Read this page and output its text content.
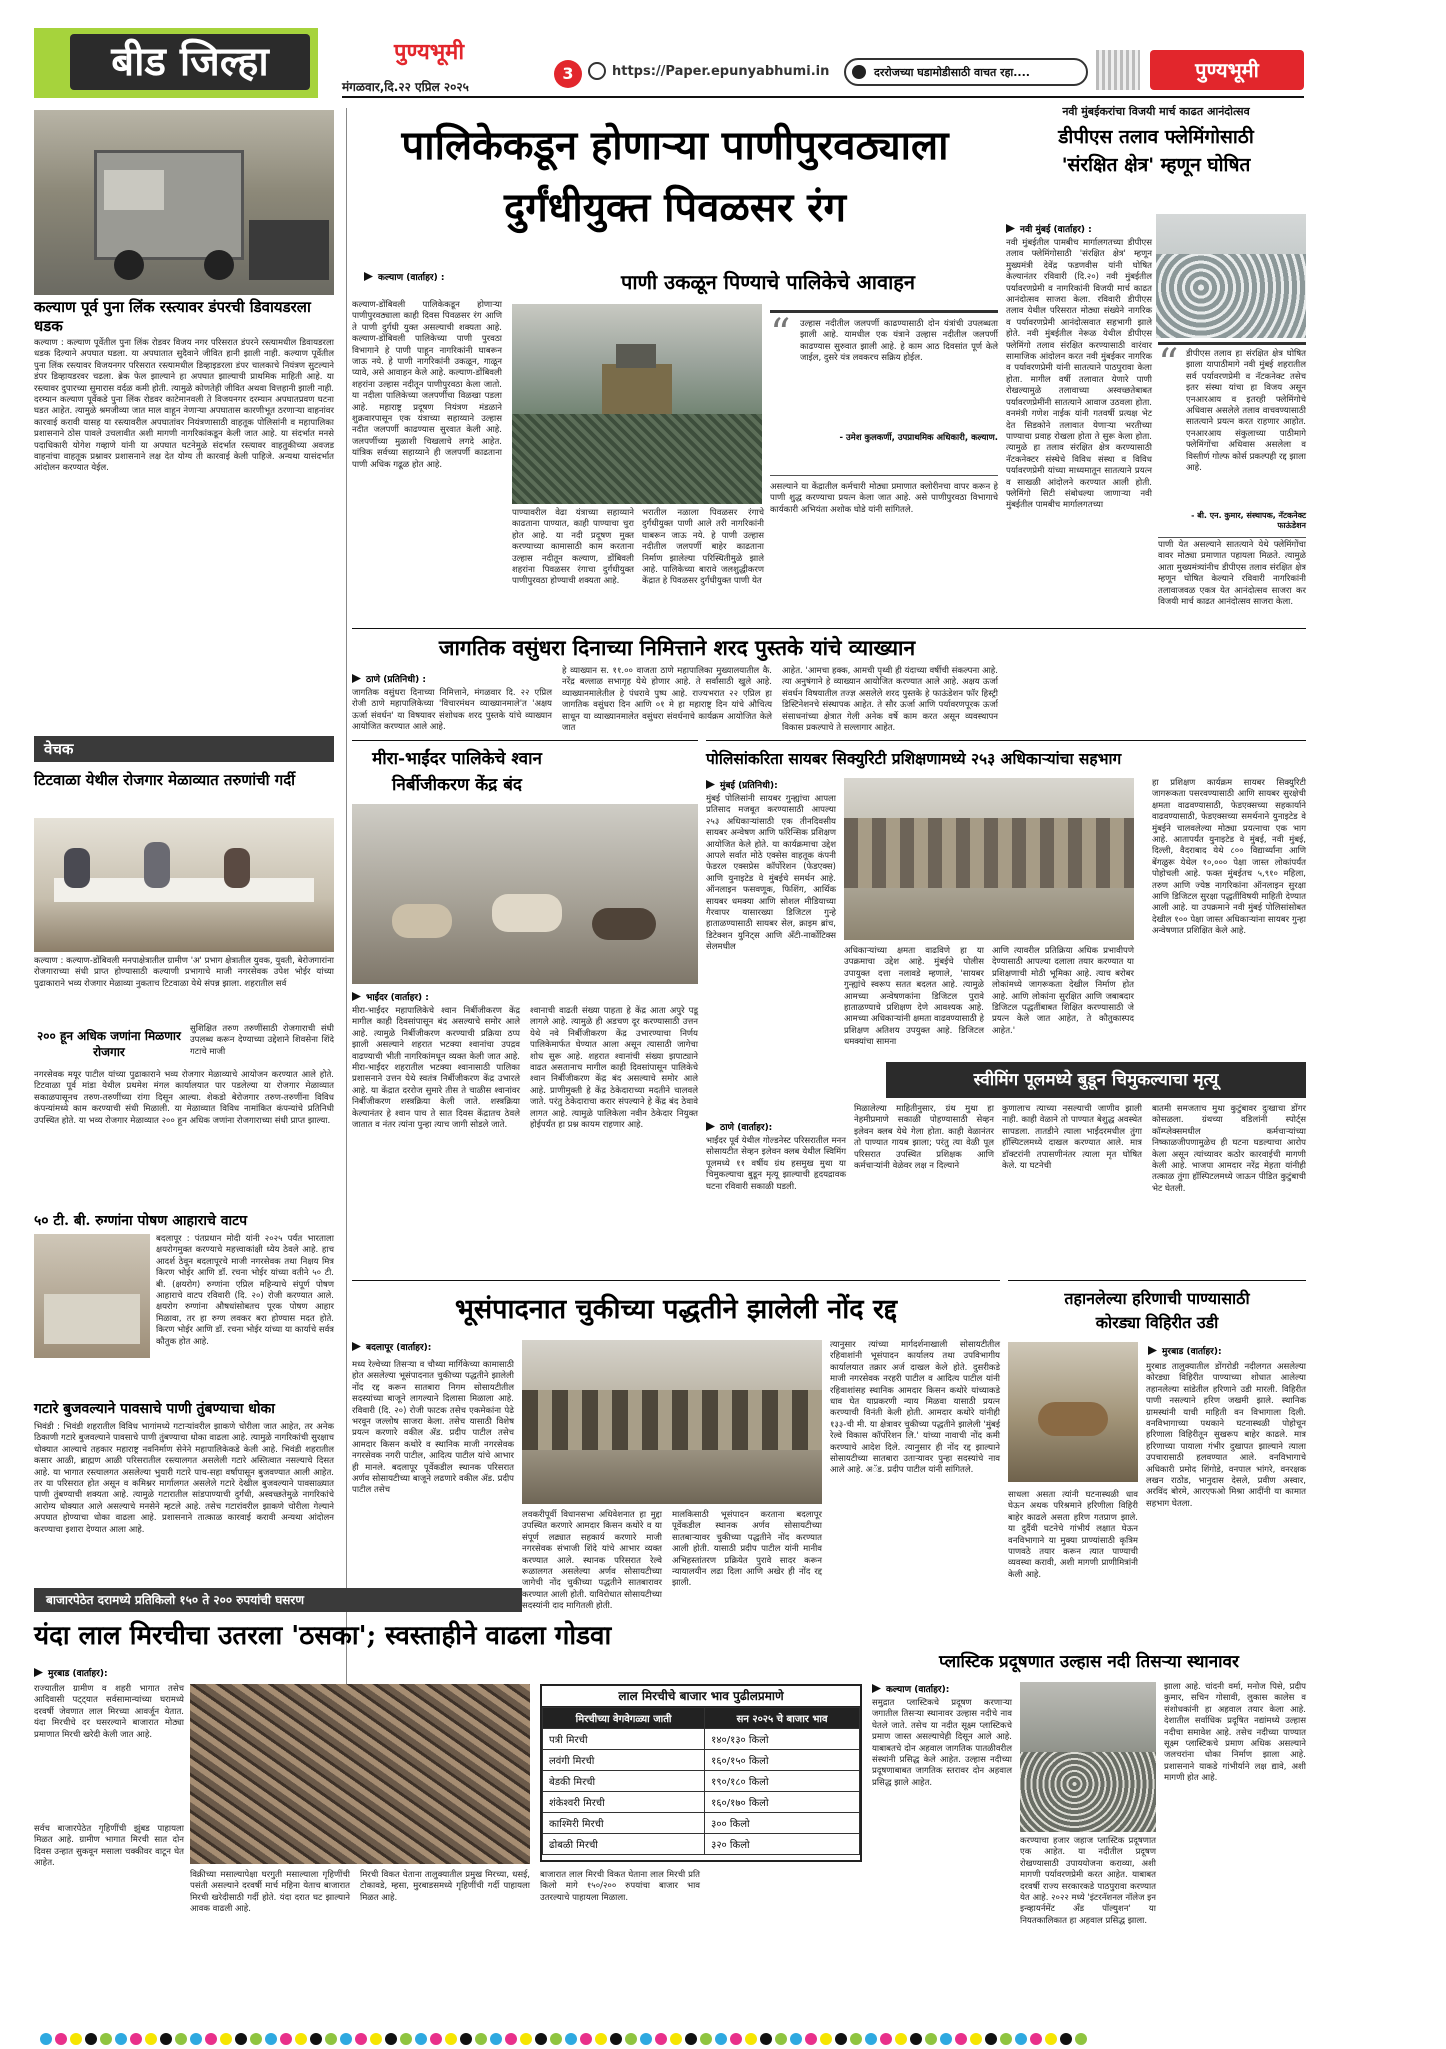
बीड जिल्हा	पुण्यभूमी
मंगळवार,दि.२२ एप्रिल २०२५
3	https://Paper.epunyabhumi.in	दररोजच्या घडामोडीसाठी वाचत रहा....	पुण्यभूमी
कल्याण पूर्व पुना लिंक रस्त्यावर डंपरची डिवायडरला धडक
कल्याण : कल्याण पूर्वेतील पुना लिंक रोडवर विजय नगर परिसरात डंपरने रस्त्यामधील डिवायडरला धडक दिल्याने अपघात घडला. या अपघातात सुदैवाने जीवित हानी झाली नाही. कल्याण पूर्वेतील पुना लिंक रस्त्यावर विजयनगर परिसरात रस्त्यामधील डिव्हाइडरला डंपर चालकाचे नियंत्रण सुटल्याने डंपर डिव्हायडरवर चढला. ब्रेक फेल झाल्याने हा अपघात झाल्याची प्राथमिक माहिती आहे. या रस्त्यावर दुपारच्या सुमारास वर्दळ कमी होती. त्यामुळे कोणतेही जीवित अथवा वित्तहानी झाली नाही. दरम्यान कल्याण पूर्वेकडे पुना लिंक रोडवर काटेमानवली ते विजयनगर दरम्यान अपघातप्रवण घटना घडत आहेत. त्यामुळे श्रमजीव्या जात माल वाहून नेणाऱ्या अपघातास कारणीभूत ठरणाऱ्या वाहनांवर कारवाई करावी यासह या रस्त्यावरील अपघातांवर नियंत्रणासाठी वाहतूक पोलिसांनी व महापालिका प्रशासनाने ठोस पावले उचलावीत अशी मागणी नागरिकांकडून केली जात आहे. या संदर्भात मनसे पदाधिकारी योगेश गव्हाणे यांनी या अपघात घटनेमुळे संदर्भात रस्त्यावर वाहतुकीच्या अवजड वाहनांचा वाहतूक प्रश्नावर प्रशासनाने लक्ष देत योग्य ती कारवाई केली पाहिजे. अन्यथा यासंदर्भात आंदोलन करण्यात येईल.
वेचक
टिटवाळा येथील रोजगार मेळाव्यात तरुणांची गर्दी
कल्याण : कल्याण-डोंबिवली मनपाक्षेत्रातील ग्रामीण 'अ' प्रभाग क्षेत्रातील युवक, युवती, बेरोजगारांना रोजगाराच्या संधी प्राप्त होण्यासाठी कल्याणी प्रभागाचे माजी नगरसेवक उपेश भोईर यांच्या पुढाकाराने भव्य रोजगार मेळाव्या नुकताच टिटवाळा येथे संपन्न झाला. शहरातील सर्व
२०० हून अधिक जणांना मिळणार रोजगार
सुशिक्षित तरुण तरुणींसाठी रोजगाराची संधी उपलब्ध करून देण्याच्या उद्देशाने शिवसेना शिंदे गटाचे माजी
नगरसेवक मयूर पाटील यांच्या पुढाकाराने भव्य रोजगार मेळाव्याचे आयोजन करण्यात आले होते. टिटवाळा पूर्व मांडा येथील प्रथमेश मंगल कार्यालयात पार पडलेल्या या रोजगार मेळाव्यात सकाळपासूनच तरुण-तरुणींच्या रांगा दिसून आल्या. शेकडो बेरोजगार तरुण-तरुणींना विविध कंपन्यांमध्ये काम करण्याची संधी मिळाली. या मेळाव्यात विविध नामांकित कंपन्यांचे प्रतिनिधी उपस्थित होते. या भव्य रोजगार मेळाव्यात २०० हून अधिक जणांना रोजगाराच्या संधी प्राप्त झाल्या.
५० टी. बी. रुग्णांना पोषण आहाराचे वाटप
बदलापूर : पंतप्रधान मोदी यांनी २०२५ पर्यंत भारताला क्षयरोगमुक्त करण्याचे महत्त्वाकांक्षी ध्येय ठेवले आहे. हाच आदर्श ठेवून बदलापूरचे माजी नगरसेवक तथा निक्षय मित्र किरण भोईर आणि डॉ. रचना भोईर यांच्या वतीने ५० टी. बी. (क्षयरोग) रुग्णांना एप्रिल महिन्याचे संपूर्ण पोषण आहाराचे वाटप रविवारी (दि. २०) रोजी करण्यात आले. क्षयरोग रुग्णांना औषधांसोबतच पूरक पोषण आहार मिळावा, तर हा रुग्ण लवकर बरा होण्यास मदत होते. किरण भोईर आणि डॉ. रचना भोईर यांच्या या कार्याचे सर्वत्र कौतुक होत आहे.
गटारे बुजवल्याने पावसाचे पाणी तुंबण्याचा धोका
भिवंडी : भिवंडी शहरातील विविध भागांमध्ये गटाऱ्यांवरील झाकणे चोरीला जात आहेत, तर अनेक ठिकाणी गटारे बुजवल्याने पावसाचे पाणी तुंबण्याचा धोका वाढला आहे. त्यामुळे नागरिकांची सुरक्षाच धोक्यात आल्याचे तहकार महाराष्ट्र नवनिर्माण सेनेने महापालिकेकडे केली आहे. भिवंडी शहरातील कसार आळी, ब्राह्मण आळी परिसरातील रस्त्यालगत असलेली गटारे अस्तित्वात नसल्याचे दिसत आहे. या भागात रस्त्यालगत असलेल्या भुयारी गटारे पाच-सहा वर्षांपासून बुजवण्यात आली आहेत. तर या परिसरात होत असून व कमिश्नर मार्गालगत असलेले गटारे देखील बुजवल्याने पावसाळ्यात पाणी तुंबण्याची शक्यता आहे. त्यामुळे गटारातील सांडपाण्याची दुर्गंधी, अस्वच्छतेमुळे नागरिकांचे आरोग्य धोक्यात आले असल्याचे मनसेने म्हटले आहे. तसेच गटारांवरील झाकणे चोरीला गेल्याने अपघात होण्याचा धोका वाढला आहे. प्रशासनाने तात्काळ कारवाई करावी अन्यथा आंदोलन करण्याचा इशारा देण्यात आला आहे.
पालिकेकडून होणाऱ्या पाणीपुरवठ्याला
दुर्गंधीयुक्त पिवळसर रंग
कल्याण (वार्ताहर) :	पाणी उकळून पिण्याचे पालिकेचे आवाहन
कल्याण-डोंबिवली पालिकेकडून होणाऱ्या पाणीपुरवठ्याला काही दिवस पिवळसर रंग आणि ते पाणी दुर्गंधी युक्त असल्याची शक्यता आहे. कल्याण-डोंबिवली पालिकेच्या पाणी पुरवठा विभागाने हे पाणी पाहून नागरिकांनी घाबरून जाऊ नये. हे पाणी नागरिकांनी उकळून, गाळून प्यावे, असे आवाहन केले आहे. कल्याण-डोंबिवली शहरांना उल्हास नदीतून पाणीपुरवठा केला जातो. या नदीला पालिकेच्या जलपर्णीचा विळखा पडला आहे. महाराष्ट्र प्रदूषण नियंत्रण मंडळाने शुक्रवारपासून एक यंत्राच्या सहाय्याने उल्हास नदीत जलपर्णी काढण्यास सुरवात केली आहे. जलपर्णीच्या मुळाशी चिखलाचे लगदे आहेत. यांत्रिक सर्वच्या सहाय्याने ही जलपर्णी काढताना पाणी अधिक गढूळ होत आहे.
“ उल्हास नदीतील जलपर्णी काढण्यासाठी दोन यंत्रांची उपलब्धता झाली आहे. यामधील एक यंत्राने उल्हास नदीतील जलपर्णी काढण्यास सुरुवात झाली आहे. हे काम आठ दिवसांत पूर्ण केले जाईल, दुसरे यंत्र लवकरच सक्रिय होईल.
- उमेश कुलकर्णी, उपप्राथमिक अधिकारी, कल्याण.
पाण्यावरील वेढा यंत्राच्या सहाय्याने काढताना पाण्यात, काही पाण्याचा चुरा होत आहे. या नदी प्रदूषण मुक्त करण्याच्या कामासाठी काम करताना उल्हास नदीतून कल्याण, डोंबिवली शहरांना पिवळसर रंगाचा दुर्गंधीयुक्त पाणीपुरवठा होण्याची शक्यता आहे.
भरातील नळाला पिवळसर रंगाचे दुर्गंधीयुक्त पाणी आले तरी नागरिकांनी घाबरून जाऊ नये. हे पाणी उल्हास नदीतील जलपर्णी बाहेर काढताना निर्माण झालेल्या परिस्थितीमुळे झाले आहे. पालिकेच्या बारावे जलशुद्धीकरण केंद्रात हे पिवळसर दुर्गंधीयुक्त पाणी येत
असल्याने या केंद्रातील कर्मचारी मोठ्या प्रमाणात क्लोरीनचा वापर करून हे पाणी शुद्ध करण्याचा प्रयत्न केला जात आहे. असे पाणीपुरवठा विभागाचे कार्यकारी अभियंता अशोक घोडे यांनी सांगितले.
नवी मुंबईकरांचा विजयी मार्च काढत आनंदोत्सव
डीपीएस तलाव फ्लेमिंगोसाठी
'संरक्षित क्षेत्र' म्हणून घोषित
नवी मुंबई (वार्ताहर) :
नवी मुंबईतील पामबीच मार्गालगतच्या डीपीएस तलाव फ्लेमिंगोसाठी 'संरक्षित क्षेत्र' म्हणून मुख्यमंत्री देवेंद्र फडणवीस यांनी घोषित केल्यानंतर रविवारी (दि.२०) नवी मुंबईतील पर्यावरणप्रेमी व नागरिकांनी विजयी मार्च काढत आनंदोत्सव साजरा केला. रविवारी डीपीएस तलाव येथील परिसरात मोठ्या संख्येने नागरिक व पर्यावरणप्रेमी आनंदोत्सवात सहभागी झाले होते. नवी मुंबईतील नेरूळ येथील डीपीएस फ्लेमिंगो तलाव संरक्षित करण्यासाठी वारंवार सामाजिक आंदोलन करत नवी मुंबईकर नागरिक व पर्यावरणप्रेमी यांनी सातत्याने पाठपुरावा केला होता. मागील वर्षी तलावात येणारे पाणी रोखल्यामुळे तलावाच्या अस्वच्छतेबाबत पर्यावरणप्रेमींनी सातत्याने आवाज उठवला होता. वनमंत्री गणेश नाईक यांनी गतवर्षी प्रत्यक्ष भेट देत सिडकोने तलावात येणाऱ्या भरतीच्या पाण्याचा प्रवाह रोखला होता ते सुरू केला होता. त्यामुळे हा तलाव संरक्षित क्षेत्र करण्यासाठी नॅटकनेक्टर संस्थेचे विविध संस्था व विविध पर्यावरणप्रेमी यांच्या माध्यमातून सातत्याने प्रयत्न व साखळी आंदोलने करण्यात आली होती. फ्लेमिंगो सिटी संबोधल्या जाणाऱ्या नवी मुंबईतील पामबीच मार्गालगतच्या
“ डीपीएस तलाव हा संरक्षित क्षेत्र घोषित झाला यापाठीमागे नवी मुंबई शहरातील सर्व पर्यावरणप्रेमी व नॅटकनेक्ट तसेच इतर संस्था यांचा हा विजय असून एनआरआय व इतरही फ्लेमिंगोचे अधिवास असलेले तलाव वाचवण्यासाठी सातत्याने प्रयत्न करत राहणार आहोत. एनआरआय संकुलाच्या पाठीमागे फ्लेमिंगोंचा अधिवास असलेला व विस्तीर्ण गोल्फ कोर्स प्रकल्पही रद्द झाला आहे.
- बी. एन. कुमार, संस्थापक, नॅटकनेक्ट फाऊंडेशन
पाणी येत असल्याने सातत्याने येथे फ्लेमिंगोंचा वावर मोठ्या प्रमाणात पहायला मिळते. त्यामुळे आता मुख्यमंत्र्यांनीच डीपीएस तलाव संरक्षित क्षेत्र म्हणून घोषित केल्याने रविवारी नागरिकांनी तलावाजवळ एकत्र येत आनंदोत्सव साजरा कर विजयी मार्च काढत आनंदोत्सव साजरा केला.
जागतिक वसुंधरा दिनाच्या निमित्ताने शरद पुस्तके यांचे व्याख्यान
ठाणे (प्रतिनिधी) :
जागतिक वसुंधरा दिनाच्या निमित्ताने, मंगळवार दि. २२ एप्रिल रोजी ठाणे महापालिकेच्या 'विचारमंथन व्याख्यानमाले'त 'अक्षय ऊर्जा संवर्धन' या विषयावर संशोधक शरद पुस्तके यांचे व्याख्यान आयोजित करण्यात आले आहे.
हे व्याख्यान स. ११.०० वाजता ठाणे महापालिका मुख्यालयातील कै. नरेंद्र बल्लाळ सभागृह येथे होणार आहे. ते सर्वांसाठी खुले आहे. व्याख्यानमालेतील हे पंधरावे पुष्प आहे. राज्यभरात २२ एप्रिल हा जागतिक वसुंधरा दिन आणि ०१ मे हा महाराष्ट्र दिन यांचे औचित्य साधून या व्याख्यानमालेत वसुंधरा संवर्धनाचे कार्यक्रम आयोजित केले जात
आहेत. 'आमचा हक्क, आमची पृथ्वी ही यंदाच्या वर्षीची संकल्पना आहे. त्या अनुषंगाने हे व्याख्यान आयोजित करण्यात आले आहे. अक्षय ऊर्जा संवर्धन विषयातील तज्ज्ञ असलेले शरद पुस्तके हे फाऊंडेशन फॉर हिस्ट्री डिस्टिनेशनचे संस्थापक आहेत. ते सौर ऊर्जा आणि पर्यावरणपूरक ऊर्जा संसाधनांच्या क्षेत्रात गेली अनेक वर्षे काम करत असून व्यवस्थापन विकास प्रकल्पाचे ते सल्लागार आहेत.
मीरा-भाईंदर पालिकेचे श्वान
निर्बीजीकरण केंद्र बंद
भाईंदर (वार्ताहर) :
मीरा-भाईंदर महापालिकेचे श्वान निर्बीजीकरण केंद्र मागील काही दिवसांपासून बंद असल्याचे समोर आले आहे. त्यामुळे निर्बीजीकरण करण्याची प्रक्रिया ठप्प झाली असल्याने शहरात भटक्या श्वानांचा उपद्रव वाढण्याची भीती नागरिकांमधून व्यक्त केली जात आहे. मीरा-भाईंदर शहरातील भटक्या श्वानासाठी पालिका प्रशासनाने उत्तन येथे स्वतंत्र निर्बीजीकरण केंद्र उभारले आहे. या केंद्रात दररोज सुमारे तीस ते चाळीस श्वानांवर निर्बीजीकरण शस्त्रक्रिया केली जाते. शस्त्रक्रिया केल्यानंतर हे श्वान पाच ते सात दिवस केंद्रातच ठेवले जातात व नंतर त्यांना पुन्हा त्याच जागी सोडले जाते.
श्वानाची वाढती संख्या पाहता हे केंद्र आता अपुरे पडू लागले आहे. त्यामुळे ही अडचण दूर करण्यासाठी उत्तन येथे नवे निर्बीजीकरण केंद्र उभारण्याचा निर्णय पालिकेमार्फत घेण्यात आला असून त्यासाठी जागेचा शोध सुरू आहे. शहरात श्वानांची संख्या झपाट्याने वाढत असतानाच मागील काही दिवसांपासून पालिकेचे श्वान निर्बीजीकरण केंद्र बंद असल्याचे समोर आले आहे. प्राणीमुक्ती हे केंद्र ठेकेदाराच्या मदतीने चालवले जाते. परंतु ठेकेदाराचा करार संपल्याने हे केंद्र बंद ठेवावे लागत आहे. त्यामुळे पालिकेला नवीन ठेकेदार नियुक्त होईपर्यंत हा प्रश्न कायम राहणार आहे.
पोलिसांकरिता सायबर सिक्युरिटी प्रशिक्षणामध्ये २५३ अधिकाऱ्यांचा सहभाग
मुंबई (प्रतिनिधी):
मुंबई पोलिसांनी सायबर गुन्ह्यांचा आपला प्रतिसाद मजबूत करण्यासाठी आपल्या २५३ अधिकाऱ्यांसाठी एक तीनदिवसीय सायबर अन्वेषण आणि फॉरेन्सिक प्रशिक्षण आयोजित केले होते. या कार्यक्रमाचा उद्देश आपले सर्वात मोठे एक्सेस वाहतूक कंपनी फेडरल एक्सप्रेस कॉर्पोरेशन (फेडएक्स) आणि युनाइटेड वे मुंबईचे समर्थन आहे. ऑनलाइन फसवणूक, फिशिंग, आर्थिक सायबर धमक्या आणि सोशल मीडियाच्या गैरवापर यासारख्या डिजिटल गुन्हे हाताळण्यासाठी सायबर सेल, क्राइम ब्रांच, डिटेक्शन युनिट्स आणि ॲंटी-नार्कोटिक्स सेलमधील	अधिकाऱ्यांच्या क्षमता वाढविणे हा या उपक्रमाचा उद्देश आहे. मुंबईचे पोलीस उपायुक्त दत्ता नलावडे म्हणाले, 'सायबर गुन्ह्यांचे स्वरूप सतत बदलत आहे. त्यामुळे आमच्या अन्वेषणकांना डिजिटल पुरावे हाताळण्याचे प्रशिक्षण देणे आवश्यक आहे. आमच्या अधिकाऱ्यांनी क्षमता वाढवण्यासाठी हे प्रशिक्षण अतिशय उपयुक्त आहे. डिजिटल धमक्यांचा सामना
आणि त्यावरील प्रतिक्रिया अधिक प्रभावीपणे देण्यासाठी आपल्या दलाला तयार करण्यात या प्रशिक्षणाची मोठी भूमिका आहे. त्याच बरोबर लोकांमध्ये जागरूकता देखील निर्माण होत आहे. आणि लोकांना सुरक्षित आणि जबाबदार डिजिटल पद्धतींबाबत शिक्षित करण्यासाठी जे प्रयत्न केले जात आहेत, ते कौतुकास्पद आहेत.'
हा प्रशिक्षण कार्यक्रम सायबर सिक्युरिटी जागरूकता पसरवण्यासाठी आणि सायबर सुरक्षेची क्षमता वाढवण्यासाठी, फेडएक्सच्या सहकार्याने वाढवण्यासाठी, फेडएक्सच्या समर्थनाने युनाइटेड वे मुंबईने चालवलेल्या मोठ्या प्रयत्नाचा एक भाग आहे. आतापर्यंत युनाइटेड वे मुंबई, नवी मुंबई, दिल्ली, वैदराबाद येथे ८०० विद्यार्थ्यांना आणि बेंगळुरू येथेल १०,००० पेक्षा जास्त लोकांपर्यंत पोहोचली आहे. फक्त मुंबईतच ५,९१० महिला, तरुण आणि ज्येष्ठ नागरिकांना ऑनलाइन सुरक्षा आणि डिजिटल सुरक्षा पद्धतींविषयी माहिती देण्यात आली आहे. या उपक्रमाने नवी मुंबई पोलिसांसोबत देखील १०० पेक्षा जास्त अधिकाऱ्यांना सायबर गुन्हा अन्वेषणात प्रशिक्षित केले आहे.
ठाणे (वार्ताहर):
स्वीमिंग पूलमध्ये बुडून चिमुकल्याचा मृत्यू
भाईंदर पूर्व येथील गोल्डनेस्ट परिसरातील मनन सोसायटीत सेव्हन इलेवन क्लब येथील स्विमिंग पूलमध्ये ११ वर्षीय ग्रंथ हसमुख मुथा या चिमुकल्याचा बुडून मृत्यू झाल्याची हृदयद्रावक घटना रविवारी सकाळी घडली.
मिळालेल्या माहितीनुसार, ग्रंथ मुथा हा नेहमीप्रमाणे सकाळी पोहण्यासाठी सेव्हन इलेवन क्लब येथे गेला होता. काही वेळानंतर तो पाण्यात गायब झाला; परंतु त्या वेळी पूल परिसरात उपस्थित प्रशिक्षक आणि कर्मचाऱ्यांनी वेळेवर लक्ष न दिल्याने
कुणालाच त्याच्या नसल्याची जाणीव झाली नाही. काही वेळाने तो पाण्यात बेशुद्ध अवस्थेत सापडला. तातडीने त्याला भाईंदरमधील तुंगा हॉस्पिटलमध्ये दाखल करण्यात आले. मात्र डॉक्टरांनी तपासणीनंतर त्याला मृत घोषित केले. या घटनेची
बातमी समजताच मुथा कुटुंबावर दुःखाचा डोंगर कोसळला. ग्रंथच्या वडिलांनी स्पोर्ट्स कॉम्प्लेक्समधील कर्मचाऱ्यांच्या निष्काळजीपणामुळेच ही घटना घडल्याचा आरोप केला असून त्यांच्यावर कठोर कारवाईची मागणी केली आहे. भाजपा आमदार नरेंद्र मेहता यांनीही तत्काळ तुंगा हॉस्पिटलमध्ये जाऊन पीडित कुटुंबाची भेट घेतली.
भूसंपादनात चुकीच्या पद्धतीने झालेली नोंद रद्द
बदलापूर (वार्ताहर):
मध्य रेल्वेच्या तिसऱ्या व चौथ्या मार्गिकेच्या कामासाठी होत असलेल्या भूसंपादनात चुकीच्या पद्धतीने झालेली नोंद रद्द करून सातबारा निगम सोसायटीतील सदस्यांच्या बाजूने लागल्याने दिलासा मिळाला आहे. रविवारी (दि. २०) रोजी फाटक तसेच एकमेकांना पेढे भरवून जल्लोष साजरा केला. तसेच यासाठी विशेष प्रयत्न करणारे वकील ॲड. प्रदीप पाटील तसेच आमदार किसन कथोरे व स्थानिक माजी नगरसेवक नगरसेवक नगरी पाटील, आदित्य पाटील यांचे आभार ही मानले. बदलापूर पूर्वेकडील स्थानक परिसरात अर्णव सोसायटीच्या बाजूने लढणारे वकील ॲड. प्रदीप पाटील तसेच
लवकरीपूर्वी विधानसभा अधिवेशनात हा मुद्दा उपस्थित करणारे आमदार किसन कथोरे व या संपूर्ण लढ्यात सहकार्य करणारे माजी नगरसेवक संभाजी शिंदे यांचे आभार व्यक्त करण्यात आले. स्थानक परिसरात रेल्वे रूळालगत असलेल्या अर्णव सोसायटीच्या जागेची नोंद चुकीच्या पद्धतीने सातबारावर करण्यात आली होती. याविरोधात सोसायटीच्या सदस्यांनी दाद मागितली होती.
मालकिसाठी भूसंपादन करताना बदलापूर पूर्वेकडील स्थानक अर्णव सोसायटीच्या सातबाऱ्यावर चुकीच्या पद्धतीने नोंद करण्यात आली होती. यासाठी प्रदीप पाटील यांनी मानीव अभिहस्तांतरण प्रक्रियेत पुरावे सादर करून न्यायालयीन लढा दिला आणि अखेर ही नोंद रद्द झाली.
त्यानुसार त्यांच्या मार्गदर्शनाखाली सोसायटीतील रहिवाशांनी भूसंपादन कार्यालय तथा उपविभागीय कार्यालयात तक्रार अर्ज दाखल केले होते. दुसरीकडे माजी नगरसेवक नरहरी पाटील व आदित्य पाटील यांनी रहिवाशांसह स्थानिक आमदार किसन कथोरे यांच्याकडे धाव घेत याप्रकरणी न्याय मिळवा यासाठी प्रयत्न करण्याची विनंती केली होती. आमदार कथोरे यांनीही १३३-ची मी. या क्षेत्रावर चुकीच्या पद्धतीने झालेली 'मुंबई रेल्वे विकास कॉर्पोरेशन लि.' यांच्या नावाची नोंद कमी करण्याचे आदेश दिले. त्यानुसार ही नोंद रद्द झाल्याने सोसायटीच्या सातबारा उताऱ्यावर पुन्हा सदस्यांचे नाव आले आहे. अॅड. प्रदीप पाटील यांनी सांगितले.
तहानलेल्या हरिणाची पाण्यासाठी
कोरड्या विहिरीत उडी
मुरबाड (वार्ताहर):
मुरबाड तालुक्यातील डोंगरोडी नदीलगत असलेल्या कोरड्या विहिरीत पाण्याच्या शोधात आलेल्या तहानलेल्या सांडेतील हरिणाने उडी मारली. विहिरीत पाणी नसल्याने हरिण जखमी झाले. स्थानिक ग्रामस्थांनी याची माहिती वन विभागाला दिली. वनविभागाच्या पथकाने घटनास्थळी पोहोचून हरिणाला विहिरीतून सुखरूप बाहेर काढले. मात्र हरिणाच्या पायाला गंभीर दुखापत झाल्याने त्याला उपचारासाठी हलवण्यात आले. वनविभागाचे अधिकारी प्रमोद शिंगोडे, वनपाल भांगरे, वनरक्षक लखन राठोड, भानुदास देसले, प्रवीण अस्वार, अरविंद बोरमे, आरएफओ मिश्रा आदींनी या कामात सहभाग घेतला.
साधला असता त्यांनी घटनास्थळी धाव घेऊन अथक परिश्रमाने हरिणीला विहिरी बाहेर काढले असता हरिण गतप्राण झाले. या दुर्दैवी घटनेचे गांभीर्य लक्षात घेऊन वनविभागाने या मुक्या प्राण्यांसाठी कृत्रिम पाणवठे तयार करून त्यात पाण्याची व्यवस्था करावी, अशी मागणी प्राणीमित्रांनी केली आहे.
बाजारपेठेत दरामध्ये प्रतिकिलो १५० ते २०० रुपयांची घसरण
यंदा लाल मिरचीचा उतरला 'ठसका'; स्वस्ताहीने वाढला गोडवा
मुरबाड (वार्ताहर):
राज्यातील ग्रामीण व शहरी भागात तसेच आदिवासी पट्ट्यात सर्वसामान्यांच्या घरामध्ये दरवर्षी जेवणात लाल मिरच्या आवर्जून येतात. यंदा मिरचीचे दर घसरल्याने बाजारात मोठ्या प्रमाणात मिरची खरेदी केली जात आहे.
सर्वच बाजारपेठेत गृहिणींची झुंबड पाहायला मिळत आहे. ग्रामीण भागात मिरची सात दोन दिवस उन्हात सुकवून मसाला चक्कीवर वाटून घेत आहेत.
विक्रीच्या मसाल्यापेक्षा घरगुती मसाल्याला गृहिणींची पसंती असल्याने दरवर्षी मार्च महिना येताच बाजारात मिरची खरेदीसाठी गर्दी होते. यंदा दरात घट झाल्याने आवक वाढली आहे.
मिरची विकत घेताना तालुक्यातील प्रमुख मिरच्या, धसई, टोकावडे, म्हसा, मुरबाडसमध्ये गृहिणींची गर्दी पाहायला मिळत आहे.
लाल मिरचीचे बाजार भाव पुढीलप्रमाणे
मिरचीच्या वेगवेगळ्या जाती	सन २०२५ चे बाजार भाव
पत्री मिरची	१४०/१३० किलो
लवंगी मिरची	१६०/१५० किलो
बेडकी मिरची	१९०/१८० किलो
शंकेश्वरी मिरची	१६०/१७० किलो
काश्मिरी मिरची	३०० किलो
ढोबळी मिरची	३२० किलो
बाजारात लाल मिरची विकत घेताना लाल मिरची प्रति किलो मागे १५०/२०० रुपयांचा बाजार भाव उतरल्याचे पाहायला मिळाला.
प्लास्टिक प्रदूषणात उल्हास नदी तिसऱ्या स्थानावर
कल्याण (वार्ताहर):
समुद्रात प्लास्टिकचे प्रदूषण करणाऱ्या जगातील तिसऱ्या स्थानावर उल्हास नदीचे नाव घेतले जाते. तसेच या नदीत सूक्ष्म प्लास्टिकचे प्रमाण जास्त असल्याचेही दिसून आले आहे. याबाबतचे दोन अहवाल जागतिक पातळीवरील संस्थांनी प्रसिद्ध केले आहेत. उल्हास नदीच्या प्रदूषणाबाबत जागतिक स्तरावर दोन अहवाल प्रसिद्ध झाले आहेत.
करण्याचा हजार जहाज प्लास्टिक प्रदूषणात एक आहेत. या नदीतील प्रदूषण रोखण्यासाठी उपाययोजना कराव्या, अशी मागणी पर्यावरणप्रेमी करत आहेत. याबाबत दरवर्षी राज्य सरकारकडे पाठपुरावा करण्यात येत आहे. २०२२ मध्ये 'इंटरनॅशनल नॉलेज इन इन्व्हायर्नमेंट अँड पॉल्युशन' या नियतकालिकात हा अहवाल प्रसिद्ध झाला.
झाला आहे. चांदनी वर्मा, मनोज पिसे, प्रदीप कुमार, सचिन गोसावी, लुकास कालेस व संशोधकांनी हा अहवाल तयार केला आहे. देशातील सर्वाधिक प्रदूषित नद्यांमध्ये उल्हास नदीचा समावेश आहे. तसेच नदीच्या पाण्यात सूक्ष्म प्लास्टिकचे प्रमाण अधिक असल्याने जलचरांना धोका निर्माण झाला आहे. प्रशासनाने याकडे गांभीर्याने लक्ष द्यावे, अशी मागणी होत आहे.
